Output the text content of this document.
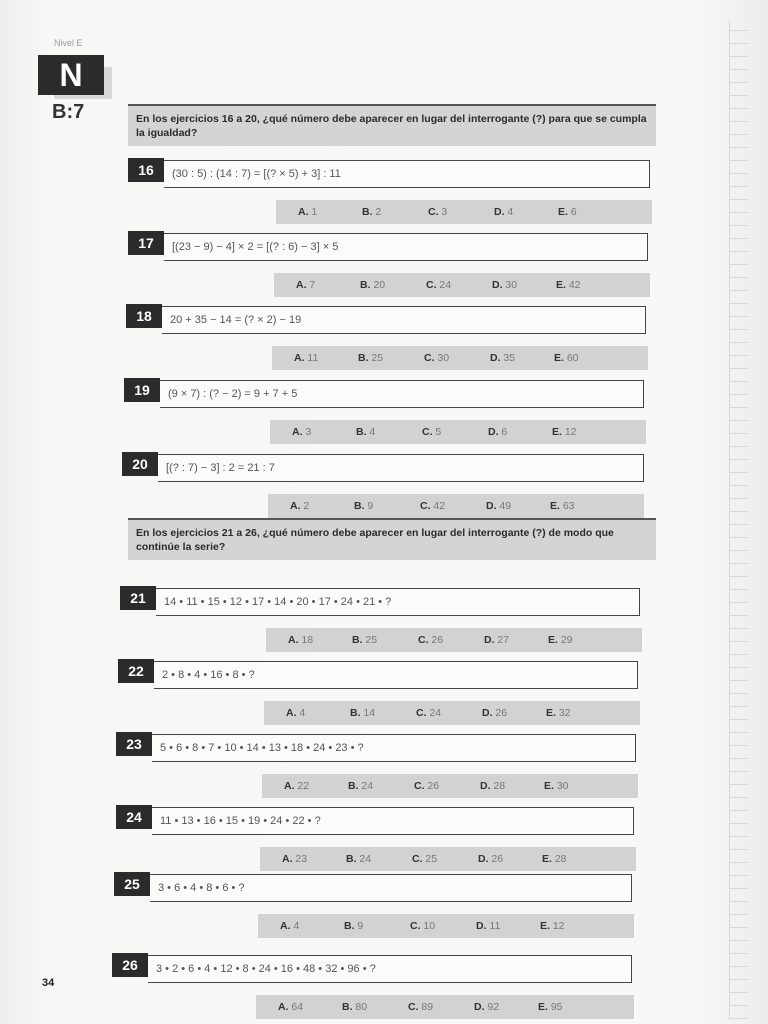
Nivel E
N
B:7	En los ejercicios 16 a 20, ¿qué número debe aparecer en lugar del interrogante (?) para que se cumpla la igualdad?
En los ejercicios 21 a 26, ¿qué número debe aparecer en lugar del interrogante (?) de modo que continúe la serie?
16	(30 : 5) : (14 : 7) = [(? × 5) + 3] : 11
A. 1	B. 2	C. 3	D. 4	E. 6
17	[(23 − 9) − 4] × 2 = [(? : 6) − 3] × 5
A. 7	B. 20	C. 24	D. 30	E. 42
18	20 + 35 − 14 = (? × 2) − 19
A. 11	B. 25	C. 30	D. 35	E. 60
19	(9 × 7) : (? − 2) = 9 + 7 + 5
A. 3	B. 4	C. 5	D. 6	E. 12
20	[(? : 7) − 3] : 2 = 21 : 7
A. 2	B. 9	C. 42	D. 49	E. 63
21	14 • 11 • 15 • 12 • 17 • 14 • 20 • 17 • 24 • 21 • ?
A. 18	B. 25	C. 26	D. 27	E. 29
22	2 • 8 • 4 • 16 • 8 • ?
A. 4	B. 14	C. 24	D. 26	E. 32
23	5 • 6 • 8 • 7 • 10 • 14 • 13 • 18 • 24 • 23 • ?
A. 22	B. 24	C. 26	D. 28	E. 30
24	11 • 13 • 16 • 15 • 19 • 24 • 22 • ?
A. 23	B. 24	C. 25	D. 26	E. 28
25	3 • 6 • 4 • 8 • 6 • ?
A. 4	B. 9	C. 10	D. 11	E. 12
26	3 • 2 • 6 • 4 • 12 • 8 • 24 • 16 • 48 • 32 • 96 • ?
A. 64	B. 80	C. 89	D. 92	E. 95
34
